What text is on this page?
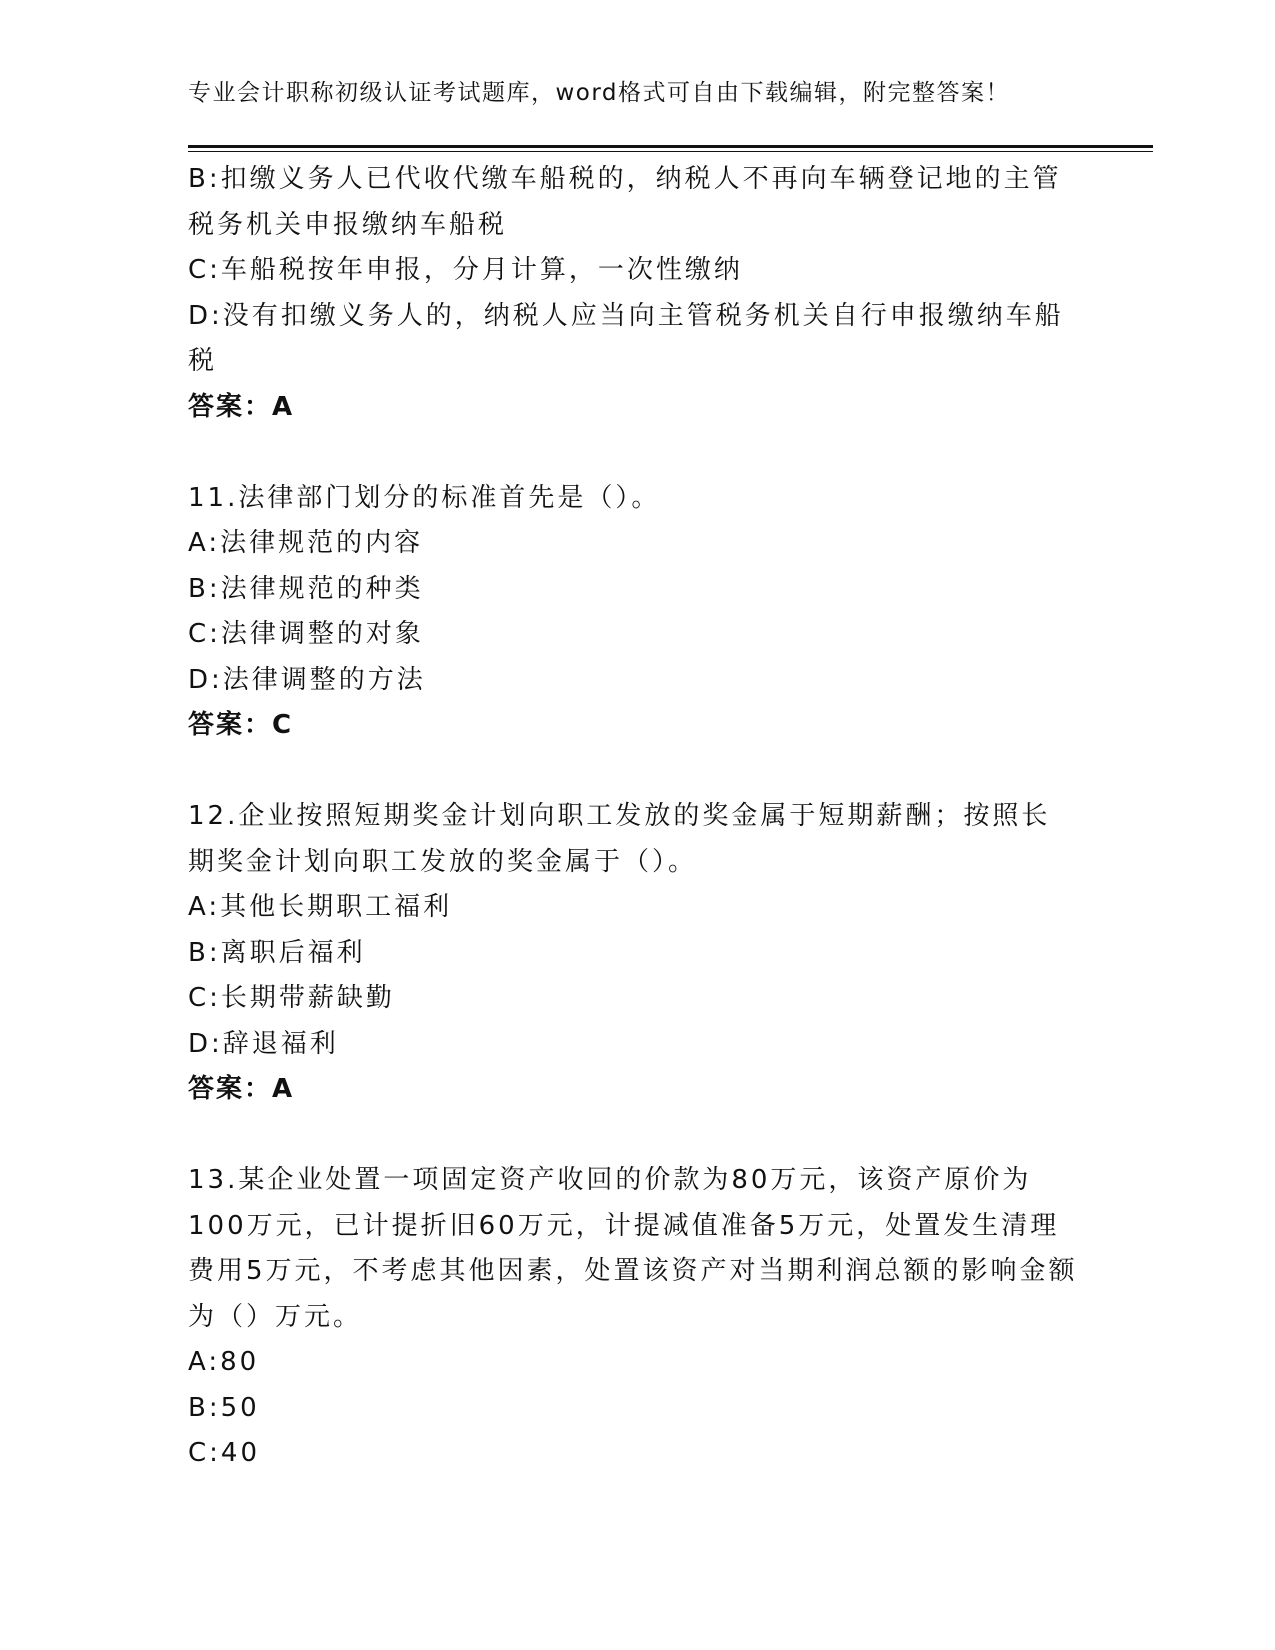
专业会计职称初级认证考试题库，word格式可自由下载编辑，附完整答案！
B:扣缴义务人已代收代缴车船税的，纳税人不再向车辆登记地的主管税务机关申报缴纳车船税
C:车船税按年申报，分月计算，一次性缴纳
D:没有扣缴义务人的，纳税人应当向主管税务机关自行申报缴纳车船税
答案：A
11.法律部门划分的标准首先是（）。
A:法律规范的内容
B:法律规范的种类
C:法律调整的对象
D:法律调整的方法
答案：C
12.企业按照短期奖金计划向职工发放的奖金属于短期薪酬；按照长期奖金计划向职工发放的奖金属于（）。
A:其他长期职工福利
B:离职后福利
C:长期带薪缺勤
D:辞退福利
答案：A
13.某企业处置一项固定资产收回的价款为80万元，该资产原价为100万元，已计提折旧60万元，计提减值准备5万元，处置发生清理费用5万元，不考虑其他因素，处置该资产对当期利润总额的影响金额为（）万元。
A:80
B:50
C:40
